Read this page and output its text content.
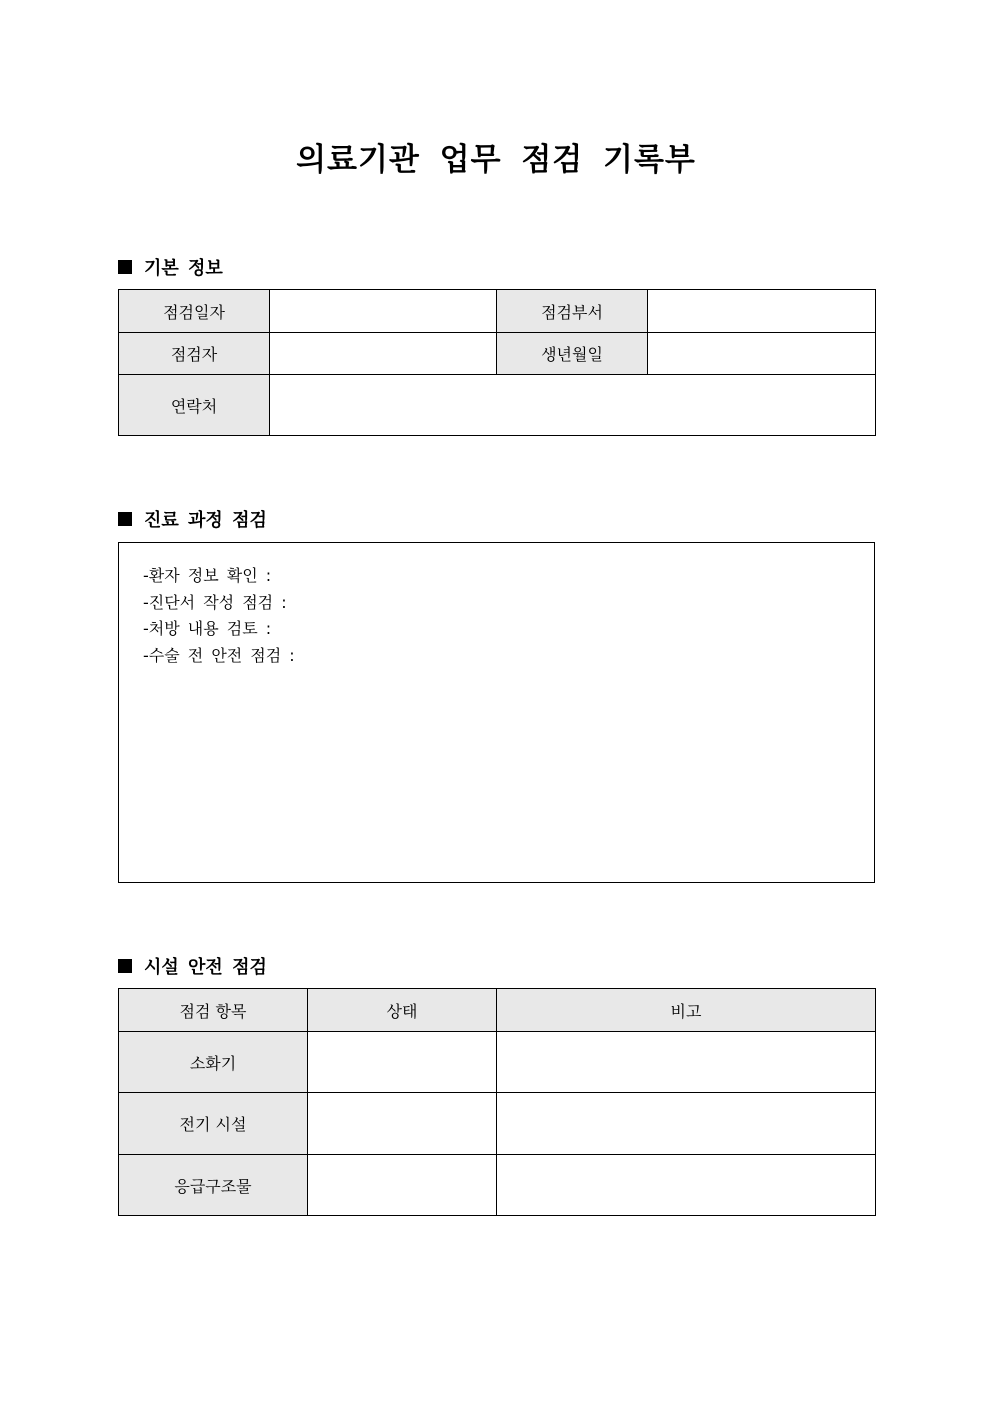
의료기관 업무 점검 기록부
기본 정보
점검일자		점검부서	
점검자		생년월일	
연락처			
진료 과정 점검
-환자 정보 확인 :
-진단서 작성 점검 :
-처방 내용 검토 :
-수술 전 안전 점검 :
시설 안전 점검
점검 항목	상태	비고
소화기		
전기 시설		
응급구조물		
